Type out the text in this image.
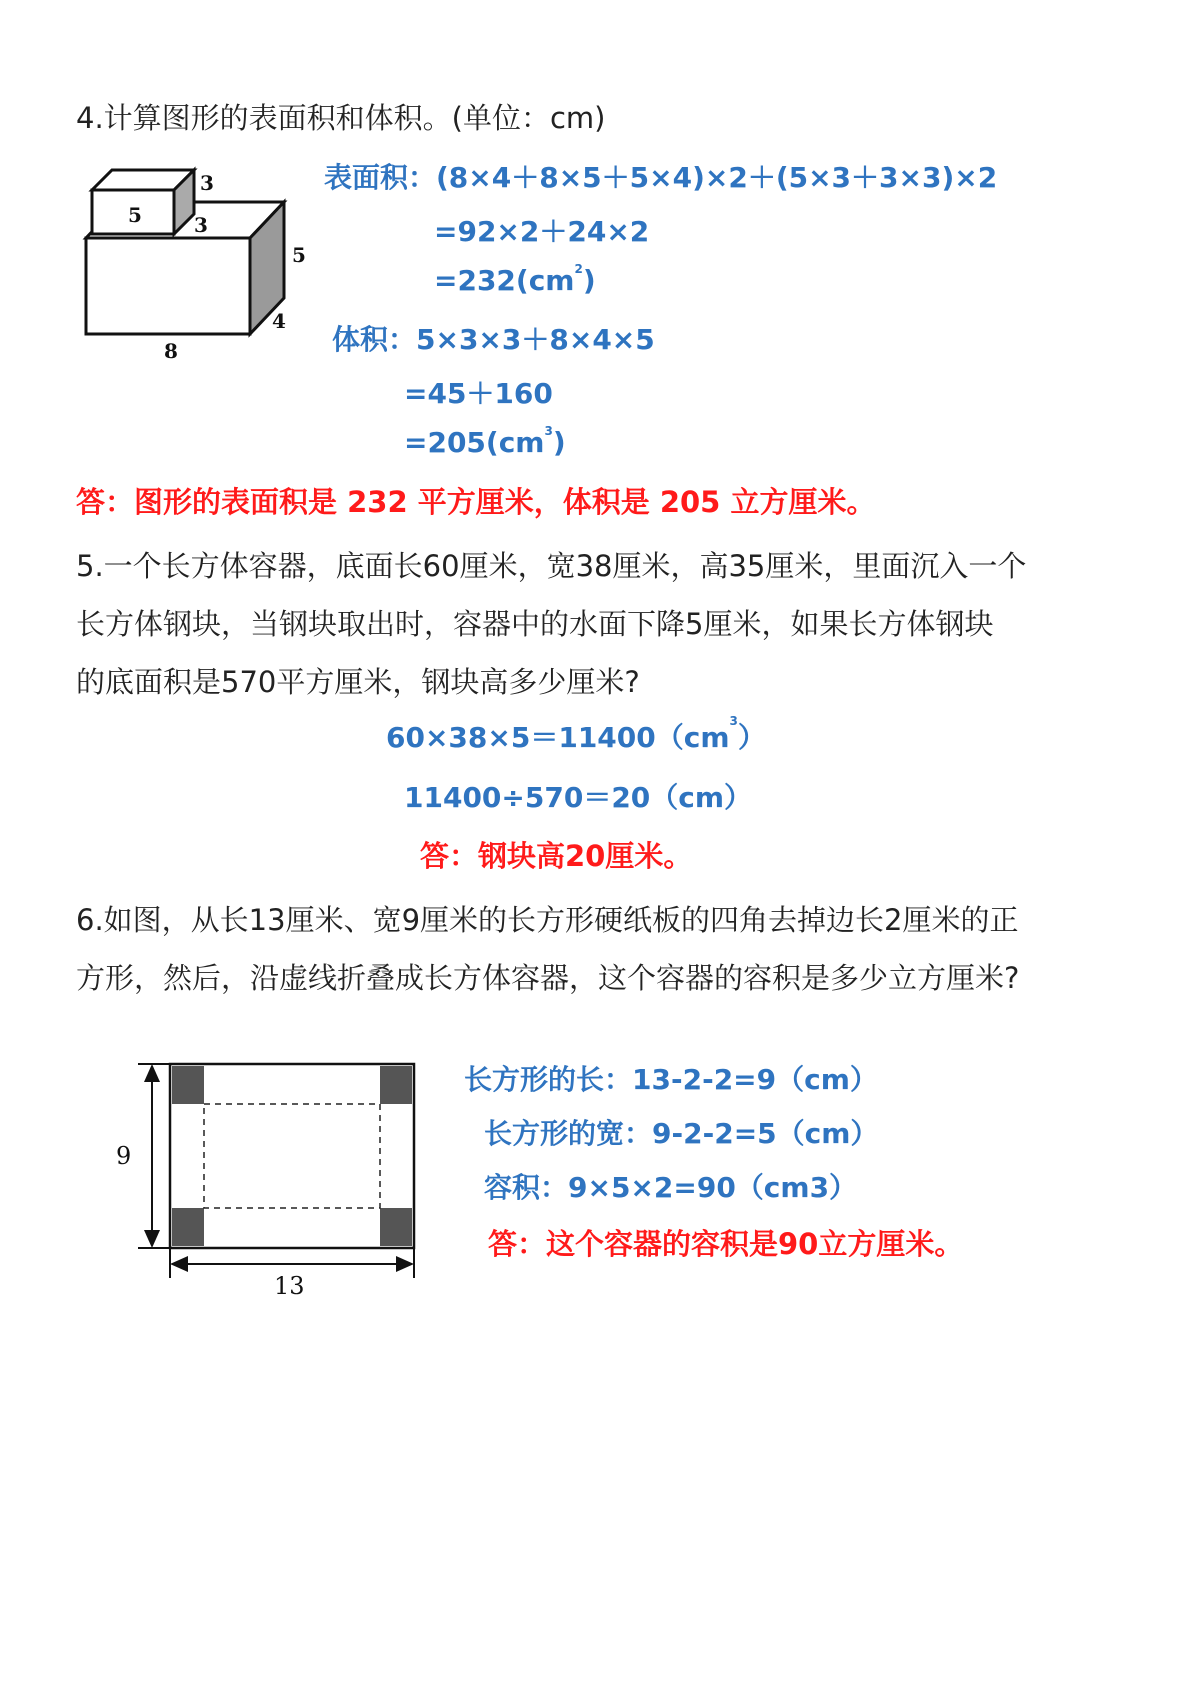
4.计算图形的表面积和体积。(单位：cm)
5
3
3
5
4
8
表面积：(8×4＋8×5＋5×4)×2＋(5×3＋3×3)×2
=92×2＋24×2
$=232(cm^2)$
体积：5×3×3＋8×4×5
=45＋160
$=205(cm^3)$
答：图形的表面积是 232 平方厘米，体积是 205 立方厘米。
5.一个长方体容器，底面长60厘米，宽38厘米，高35厘米，里面沉入一个
长方体钢块，当钢块取出时，容器中的水面下降5厘米，如果长方体钢块
的底面积是570平方厘米，钢块高多少厘米?
$60\times 38\times 5=11400(cm^3)$
11400÷570＝20（cm）
答：钢块高20厘米。
6.如图，从长13厘米、宽9厘米的长方形硬纸板的四角去掉边长2厘米的正
方形，然后，沿虚线折叠成长方体容器，这个容器的容积是多少立方厘米?
9
13
长方形的长：13-2-2=9（cm）
长方形的宽：9-2-2=5（cm）
容积：9×5×2=90（cm3）
答：这个容器的容积是90立方厘米。
